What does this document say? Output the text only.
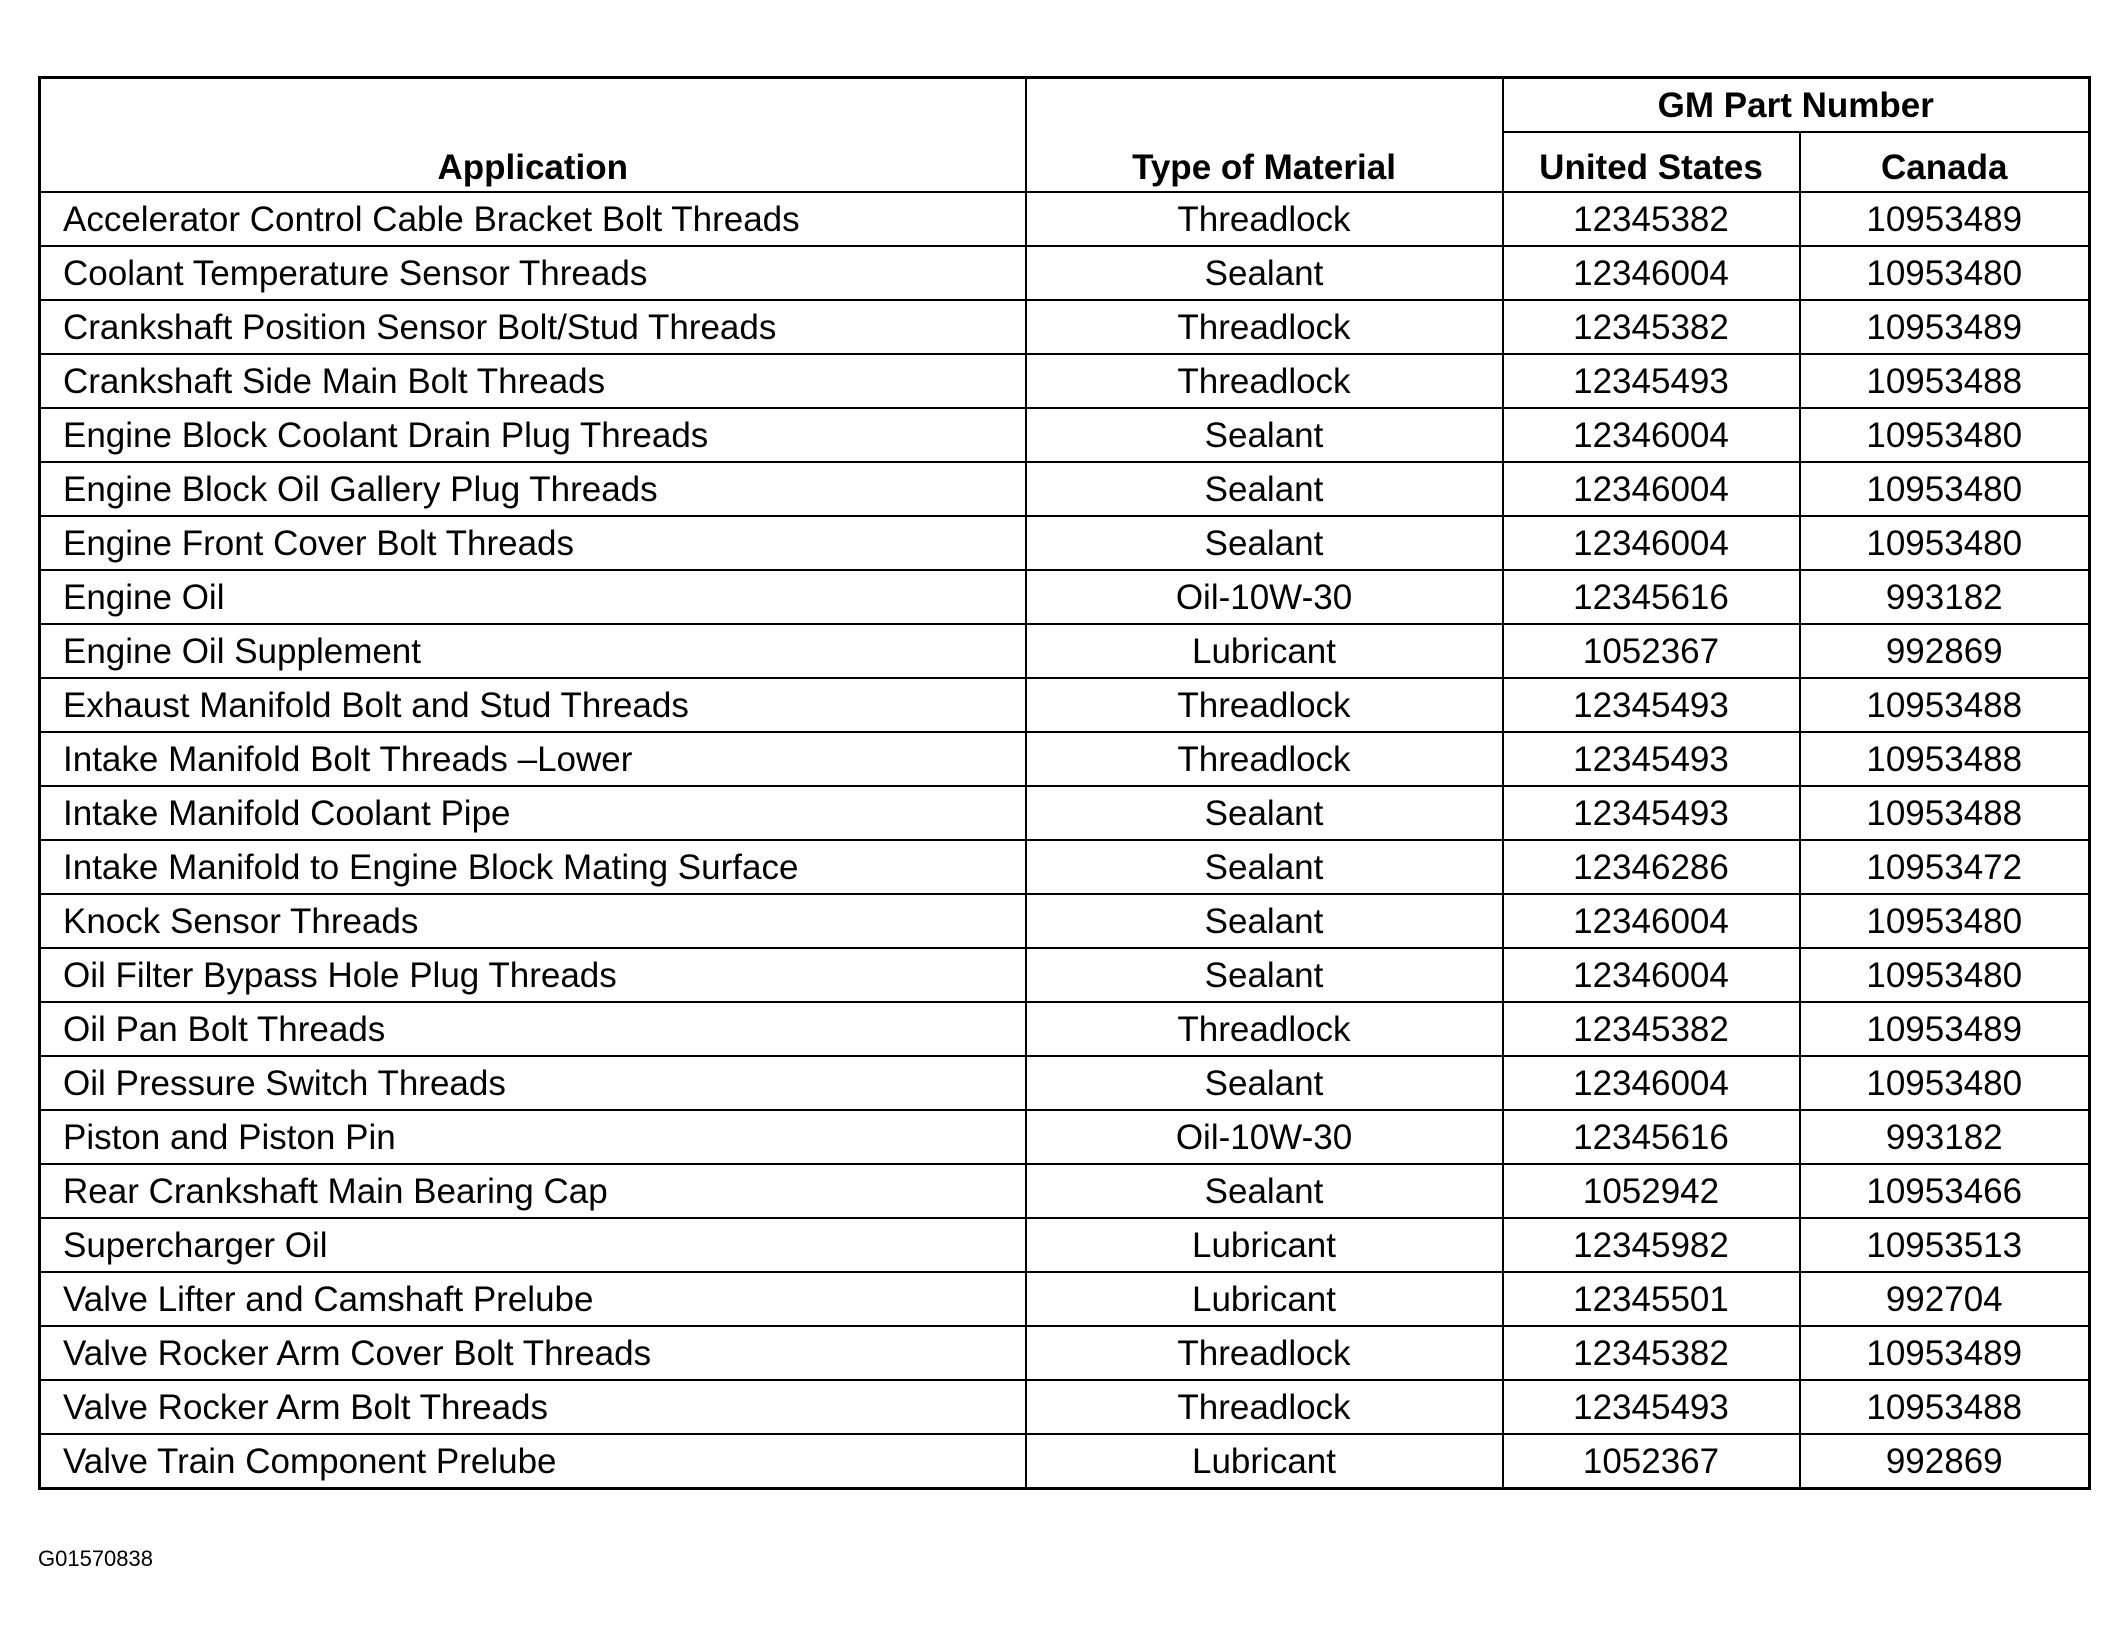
Application	Type of Material	GM Part Number	
		United States	Canada
Accelerator Control Cable Bracket Bolt Threads	Threadlock	12345382	10953489
Coolant Temperature Sensor Threads	Sealant	12346004	10953480
Crankshaft Position Sensor Bolt/Stud Threads	Threadlock	12345382	10953489
Crankshaft Side Main Bolt Threads	Threadlock	12345493	10953488
Engine Block Coolant Drain Plug Threads	Sealant	12346004	10953480
Engine Block Oil Gallery Plug Threads	Sealant	12346004	10953480
Engine Front Cover Bolt Threads	Sealant	12346004	10953480
Engine Oil	Oil-10W-30	12345616	993182
Engine Oil Supplement	Lubricant	1052367	992869
Exhaust Manifold Bolt and Stud Threads	Threadlock	12345493	10953488
Intake Manifold Bolt Threads –Lower	Threadlock	12345493	10953488
Intake Manifold Coolant Pipe	Sealant	12345493	10953488
Intake Manifold to Engine Block Mating Surface	Sealant	12346286	10953472
Knock Sensor Threads	Sealant	12346004	10953480
Oil Filter Bypass Hole Plug Threads	Sealant	12346004	10953480
Oil Pan Bolt Threads	Threadlock	12345382	10953489
Oil Pressure Switch Threads	Sealant	12346004	10953480
Piston and Piston Pin	Oil-10W-30	12345616	993182
Rear Crankshaft Main Bearing Cap	Sealant	1052942	10953466
Supercharger Oil	Lubricant	12345982	10953513
Valve Lifter and Camshaft Prelube	Lubricant	12345501	992704
Valve Rocker Arm Cover Bolt Threads	Threadlock	12345382	10953489
Valve Rocker Arm Bolt Threads	Threadlock	12345493	10953488
Valve Train Component Prelube	Lubricant	1052367	992869
G01570838
